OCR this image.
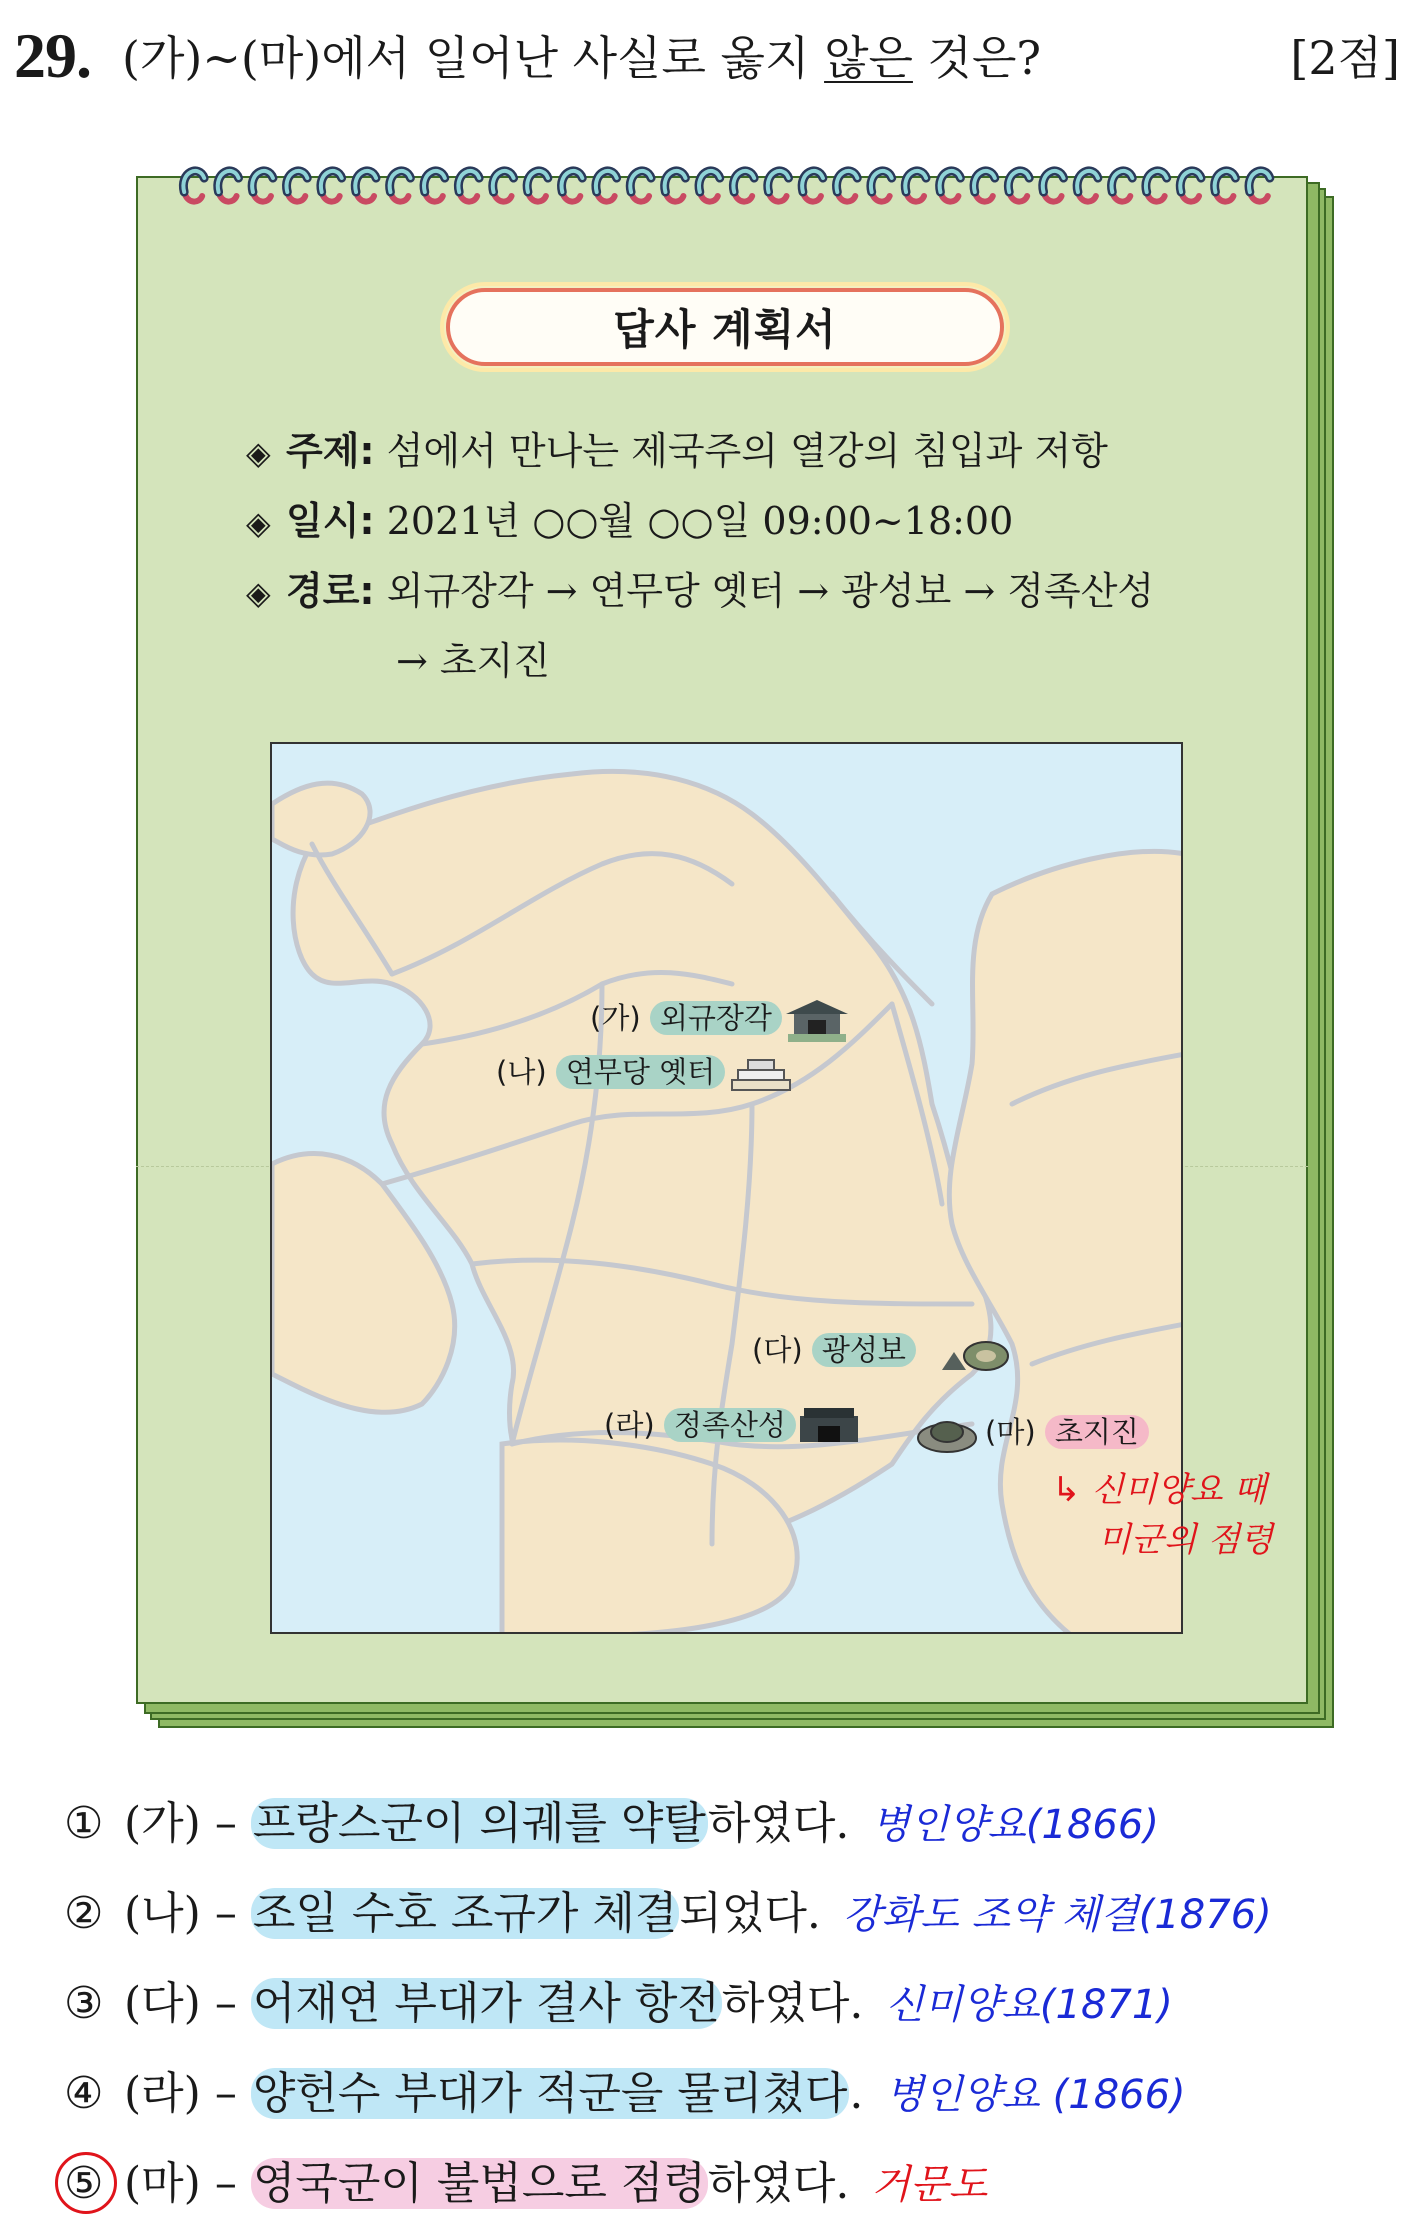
29. (가)~(마)에서 일어난 사실로 옳지 않은 것은?	[2점]
답사 계획서
◈ 주제: 섬에서 만나는 제국주의 열강의 침입과 저항
◈ 일시: 2021년 ○○월 ○○일 09:00~18:00
◈ 경로: 외규장각 → 연무당 옛터 → 광성보 → 정족산성
→ 초지진
(가) 외규장각
(나) 연무당 옛터
(다) 광성보
(라) 정족산성	(마) 초지진
↳ 신미양요 때
미군의 점령
① (가) – 프랑스군이 의궤를 약탈하였다. 병인양요(1866)
② (나) – 조일 수호 조규가 체결되었다. 강화도 조약 체결(1876)
③ (다) – 어재연 부대가 결사 항전하였다. 신미양요(1871)
④ (라) – 양헌수 부대가 적군을 물리쳤다. 병인양요 (1866)
⑤ (마) – 영국군이 불법으로 점령하였다. 거문도
